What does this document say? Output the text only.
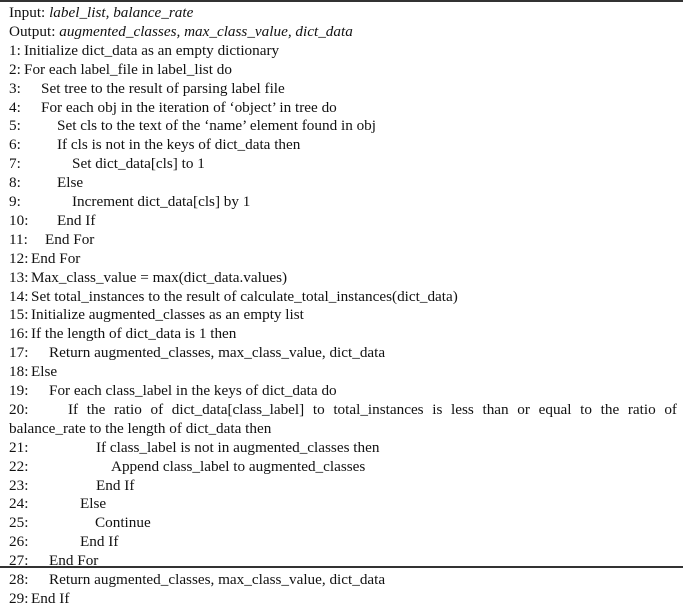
Input: label_list, balance_rate
Output: augmented_classes, max_class_value, dict_data
1: Initialize dict_data as an empty dictionary
2: For each label_file in label_list do
3: Set tree to the result of parsing label file
4: For each obj in the iteration of ‘object’ in tree do
5: Set cls to the text of the ‘name’ element found in obj
6: If cls is not in the keys of dict_data then
7:	Set dict_data[cls] to 1
8: Else
9:	Increment dict_data[cls] by 1
10: End If
11: End For
12: End For
13: Max_class_value = max(dict_data.values)
14: Set total_instances to the result of calculate_total_instances(dict_data)
15: Initialize augmented_classes as an empty list
16: If the length of dict_data is 1 then
17: Return augmented_classes, max_class_value, dict_data
18: Else
19: For each class_label in the keys of dict_data do
20:	If the ratio of dict_data[class_label] to total_instances is less than or equal to the ratio of
balance_rate to the length of dict_data then
21:	If class_label is not in augmented_classes then
22:	Append class_label to augmented_classes
23:	End If
24:	Else
25:	Continue
26:	End If
27: End For
28: Return augmented_classes, max_class_value, dict_data
29: End If
